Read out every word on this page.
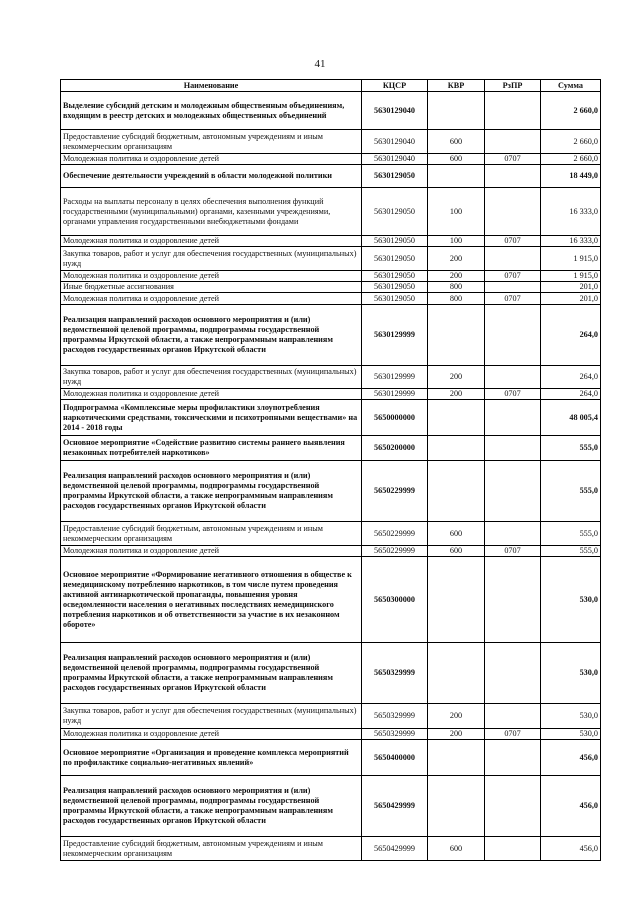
41
Наименование	КЦСР	КВР	РзПР	Сумма
Выделение субсидий детским и молодежным общественным объединениям, входящим в реестр детских и молодежных общественных объединений	5630129040			2 660,0
Предоставление субсидий бюджетным, автономным учреждениям и иным некоммерческим организациям	5630129040	600		2 660,0
Молодежная политика и оздоровление детей	5630129040	600	0707	2 660,0
Обеспечение деятельности учреждений в области молодежной политики	5630129050			18 449,0
Расходы на выплаты персоналу в целях обеспечения выполнения функций государственными (муниципальными) органами, казенными учреждениями, органами управления государственными внебюджетными фондами	5630129050	100		16 333,0
Молодежная политика и оздоровление детей	5630129050	100	0707	16 333,0
Закупка товаров, работ и услуг для обеспечения государственных (муниципальных) нужд	5630129050	200		1 915,0
Молодежная политика и оздоровление детей	5630129050	200	0707	1 915,0
Иные бюджетные ассигнования	5630129050	800		201,0
Молодежная политика и оздоровление детей	5630129050	800	0707	201,0
Реализация направлений расходов основного мероприятия и (или) ведомственной целевой программы, подпрограммы государственной программы Иркутской области, а также непрограммным направлениям расходов государственных органов Иркутской области	5630129999			264,0
Закупка товаров, работ и услуг для обеспечения государственных (муниципальных) нужд	5630129999	200		264,0
Молодежная политика и оздоровление детей	5630129999	200	0707	264,0
Подпрограмма «Комплексные меры профилактики злоупотребления наркотическими средствами, токсическими и психотропными веществами» на 2014 - 2018 годы	5650000000			48 005,4
Основное мероприятие «Содействие развитию системы раннего выявления незаконных потребителей наркотиков»	5650200000			555,0
Реализация направлений расходов основного мероприятия и (или) ведомственной целевой программы, подпрограммы государственной программы Иркутской области, а также непрограммным направлениям расходов государственных органов Иркутской области	5650229999			555,0
Предоставление субсидий бюджетным, автономным учреждениям и иным некоммерческим организациям	5650229999	600		555,0
Молодежная политика и оздоровление детей	5650229999	600	0707	555,0
Основное мероприятие «Формирование негативного отношения в обществе к немедицинскому потреблению наркотиков, в том числе путем проведения активной антинаркотической пропаганды, повышения уровня осведомленности населения о негативных последствиях немедицинского потребления наркотиков и об ответственности за участие в их незаконном обороте»	5650300000			530,0
Реализация направлений расходов основного мероприятия и (или) ведомственной целевой программы, подпрограммы государственной программы Иркутской области, а также непрограммным направлениям расходов государственных органов Иркутской области	5650329999			530,0
Закупка товаров, работ и услуг для обеспечения государственных (муниципальных) нужд	5650329999	200		530,0
Молодежная политика и оздоровление детей	5650329999	200	0707	530,0
Основное мероприятие «Организация и проведение комплекса мероприятий по профилактике социально-негативных явлений»	5650400000			456,0
Реализация направлений расходов основного мероприятия и (или) ведомственной целевой программы, подпрограммы государственной программы Иркутской области, а также непрограммным направлениям расходов государственных органов Иркутской области	5650429999			456,0
Предоставление субсидий бюджетным, автономным учреждениям и иным некоммерческим организациям	5650429999	600		456,0
